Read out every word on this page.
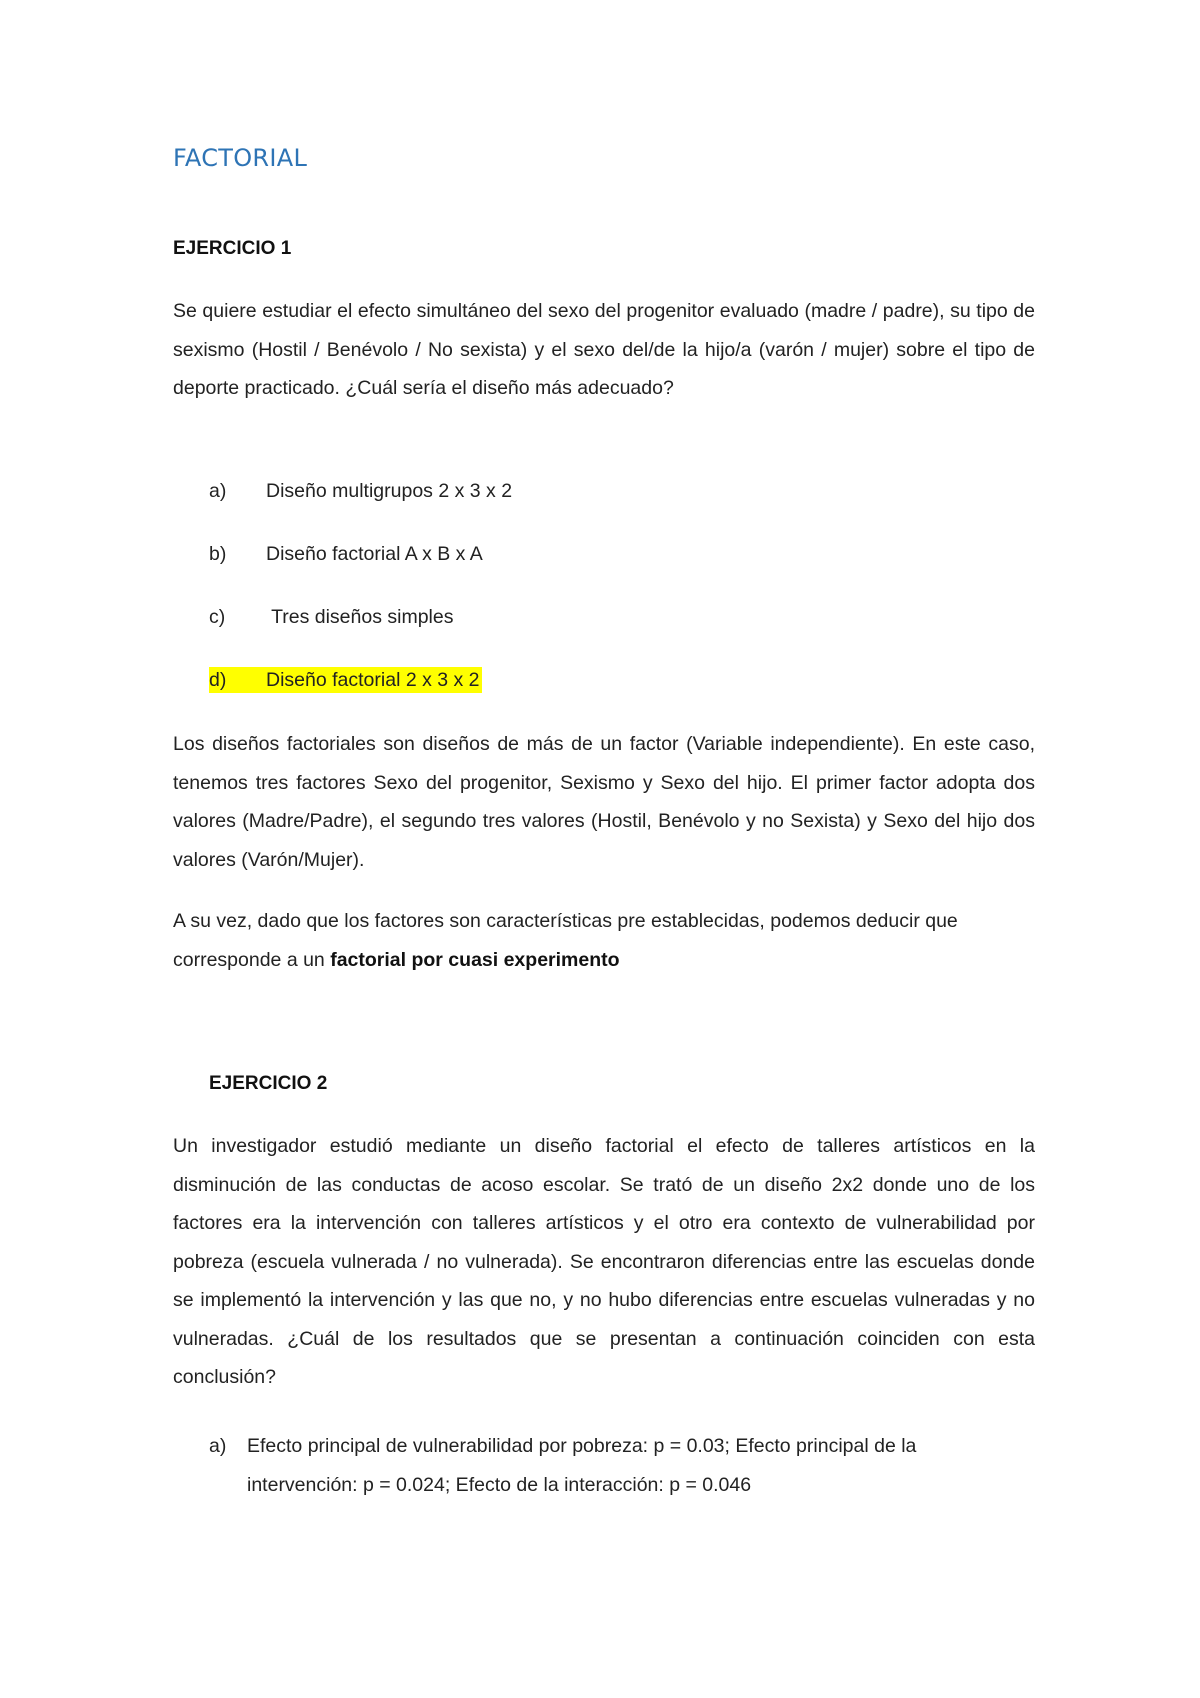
FACTORIAL
EJERCICIO 1
Se quiere estudiar el efecto simultáneo del sexo del progenitor evaluado (madre / padre), su tipo de sexismo (Hostil / Benévolo / No sexista) y el sexo del/de la hijo/a (varón / mujer) sobre el tipo de deporte practicado. ¿Cuál sería el diseño más adecuado?
a) Diseño multigrupos 2 x 3 x 2
b) Diseño factorial A x B x A
c) Tres diseños simples
d) Diseño factorial 2 x 3 x 2
Los diseños factoriales son diseños de más de un factor (Variable independiente). En este caso, tenemos tres factores Sexo del progenitor, Sexismo y Sexo del hijo. El primer factor adopta dos valores (Madre/Padre), el segundo tres valores (Hostil, Benévolo y no Sexista) y Sexo del hijo dos valores (Varón/Mujer).
A su vez, dado que los factores son características pre establecidas, podemos deducir que corresponde a un factorial por cuasi experimento
EJERCICIO 2
Un investigador estudió mediante un diseño factorial el efecto de talleres artísticos en la disminución de las conductas de acoso escolar. Se trató de un diseño 2x2 donde uno de los factores era la intervención con talleres artísticos y el otro era contexto de vulnerabilidad por pobreza (escuela vulnerada / no vulnerada). Se encontraron diferencias entre las escuelas donde se implementó la intervención y las que no, y no hubo diferencias entre escuelas vulneradas y no vulneradas. ¿Cuál de los resultados que se presentan a continuación coinciden con esta conclusión?
a) Efecto principal de vulnerabilidad por pobreza: p = 0.03; Efecto principal de la
intervención: p = 0.024; Efecto de la interacción: p = 0.046
